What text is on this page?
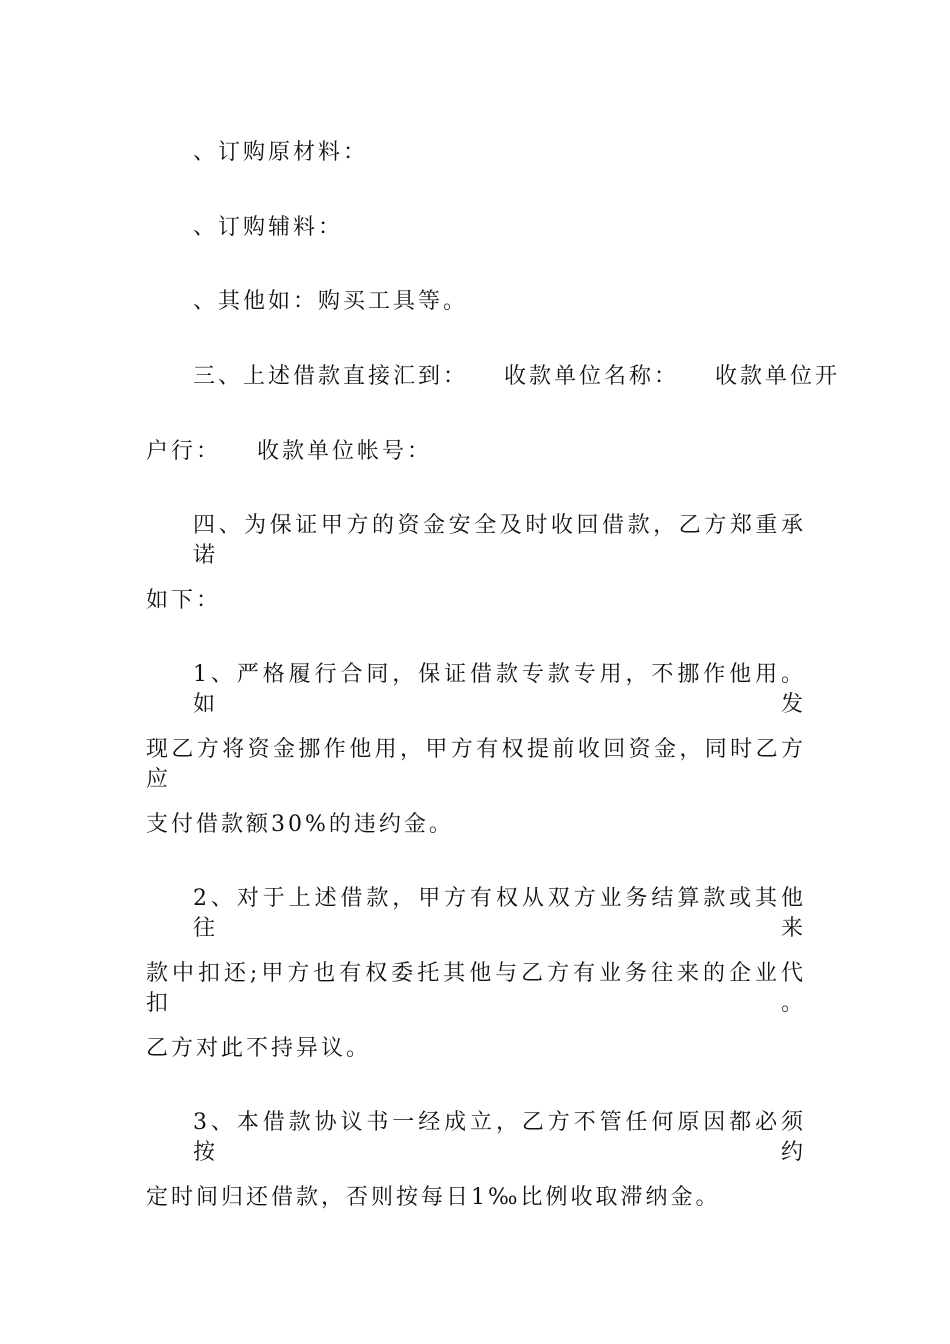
、订购原材料：
、订购辅料：
、其他如：购买工具等。
三、上述借款直接汇到： 收款单位名称： 收款单位开
户行： 收款单位帐号：
四、为保证甲方的资金安全及时收回借款，乙方郑重承诺
如下：
1、严格履行合同，保证借款专款专用，不挪作他用。如发
现乙方将资金挪作他用，甲方有权提前收回资金，同时乙方应
支付借款额30%的违约金。
2、对于上述借款，甲方有权从双方业务结算款或其他往来
款中扣还;甲方也有权委托其他与乙方有业务往来的企业代扣。
乙方对此不持异议。
3、本借款协议书一经成立，乙方不管任何原因都必须按约
定时间归还借款，否则按每日1‰比例收取滞纳金。
